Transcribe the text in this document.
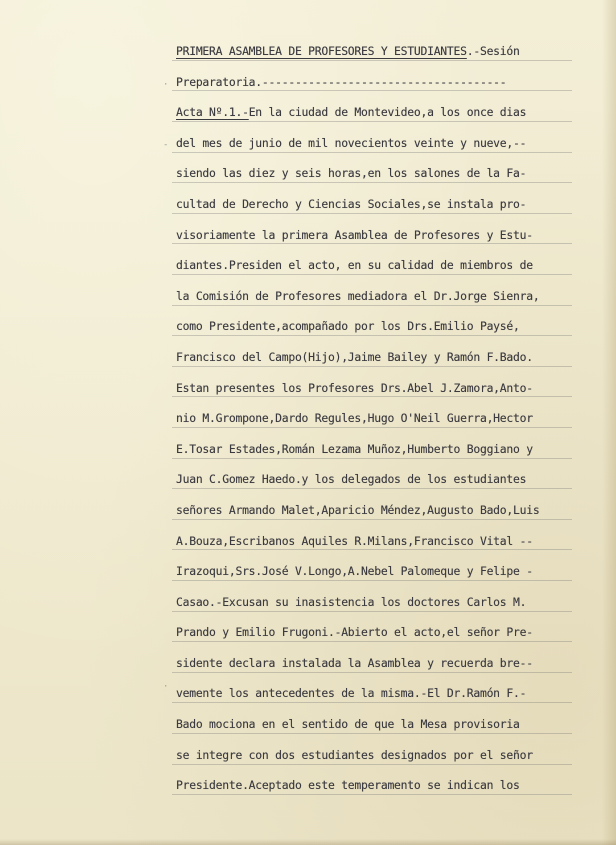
·
-
·
PRIMERA ASAMBLEA DE PROFESORES Y ESTUDIANTES.-Sesión
Preparatoria.-------------------------------------
Acta Nº.1.-En la ciudad de Montevideo,a los once dias
del mes de junio de mil novecientos veinte y nueve,--
siendo las diez y seis horas,en los salones de la Fa-
cultad de Derecho y Ciencias Sociales,se instala pro-
visoriamente la primera Asamblea de Profesores y Estu-
diantes.Presiden el acto, en su calidad de miembros de
la Comisión de Profesores mediadora el Dr.Jorge Sienra,
como Presidente,acompañado por los Drs.Emilio Paysé,
Francisco del Campo(Hijo),Jaime Bailey y Ramón F.Bado.
Estan presentes los Profesores Drs.Abel J.Zamora,Anto-
nio M.Grompone,Dardo Regules,Hugo O'Neil Guerra,Hector
E.Tosar Estades,Román Lezama Muñoz,Humberto Boggiano y
Juan C.Gomez Haedo.y los delegados de los estudiantes
señores Armando Malet,Aparicio Méndez,Augusto Bado,Luis
A.Bouza,Escribanos Aquiles R.Milans,Francisco Vital --
Irazoqui,Srs.José V.Longo,A.Nebel Palomeque y Felipe -
Casao.-Excusan su inasistencia los doctores Carlos M.
Prando y Emilio Frugoni.-Abierto el acto,el señor Pre-
sidente declara instalada la Asamblea y recuerda bre--
vemente los antecedentes de la misma.-El Dr.Ramón F.-
Bado mociona en el sentido de que la Mesa provisoria
se integre con dos estudiantes designados por el señor
Presidente.Aceptado este temperamento se indican los
